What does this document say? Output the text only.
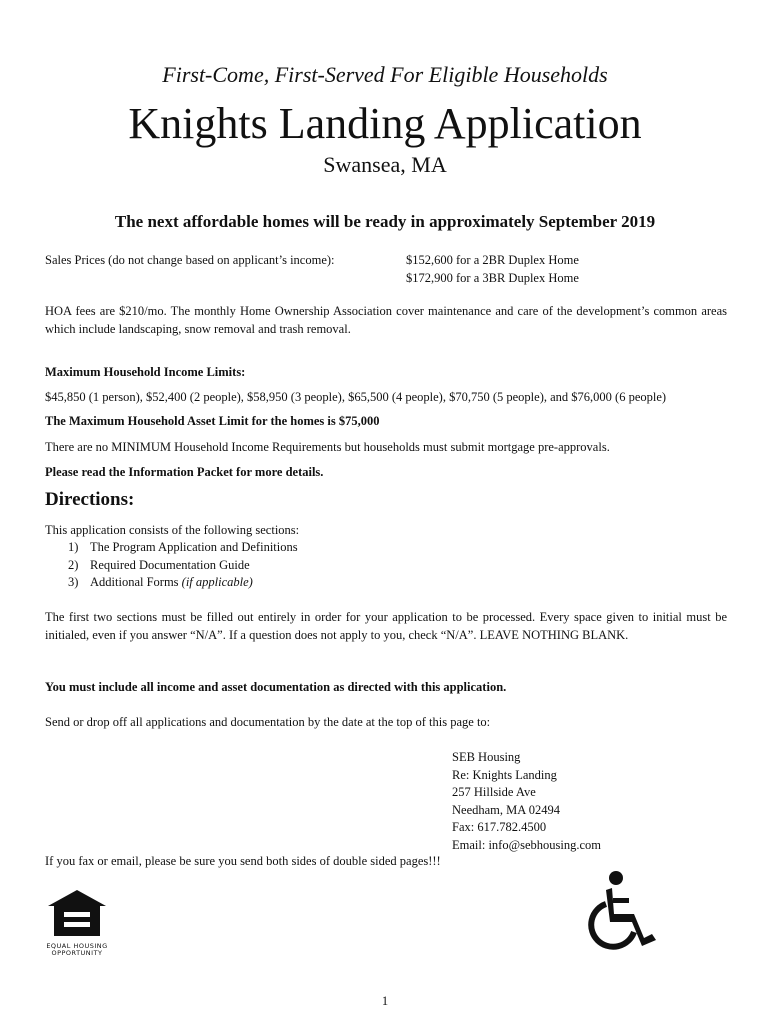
First-Come, First-Served For Eligible Households
Knights Landing Application
Swansea, MA
The next affordable homes will be ready in approximately September 2019
Sales Prices (do not change based on applicant’s income):	$152,600 for a 2BR Duplex Home
$172,900 for a 3BR Duplex Home
HOA fees are $210/mo. The monthly Home Ownership Association cover maintenance and care of the development’s common areas which include landscaping, snow removal and trash removal.
Maximum Household Income Limits:
$45,850 (1 person), $52,400 (2 people), $58,950 (3 people), $65,500 (4 people), $70,750 (5 people), and $76,000 (6 people)
The Maximum Household Asset Limit for the homes is $75,000
There are no MINIMUM Household Income Requirements but households must submit mortgage pre-approvals.
Please read the Information Packet for more details.
Directions:
This application consists of the following sections:
1) The Program Application and Definitions
2) Required Documentation Guide
3) Additional Forms
(if applicable)
The first two sections must be filled out entirely in order for your application to be processed. Every space given to initial must be initialed, even if you answer “N/A”. If a question does not apply to you, check “N/A”. LEAVE NOTHING BLANK.
You must include all income and asset documentation as directed with this application.
Send or drop off all applications and documentation by the date at the top of this page to:
SEB Housing
Re: Knights Landing
257 Hillside Ave
Needham, MA 02494
Fax: 617.782.4500
Email: info@sebhousing.com
If you fax or email, please be sure you send both sides of double sided pages!!!
EQUAL HOUSING
OPPORTUNITY
1
